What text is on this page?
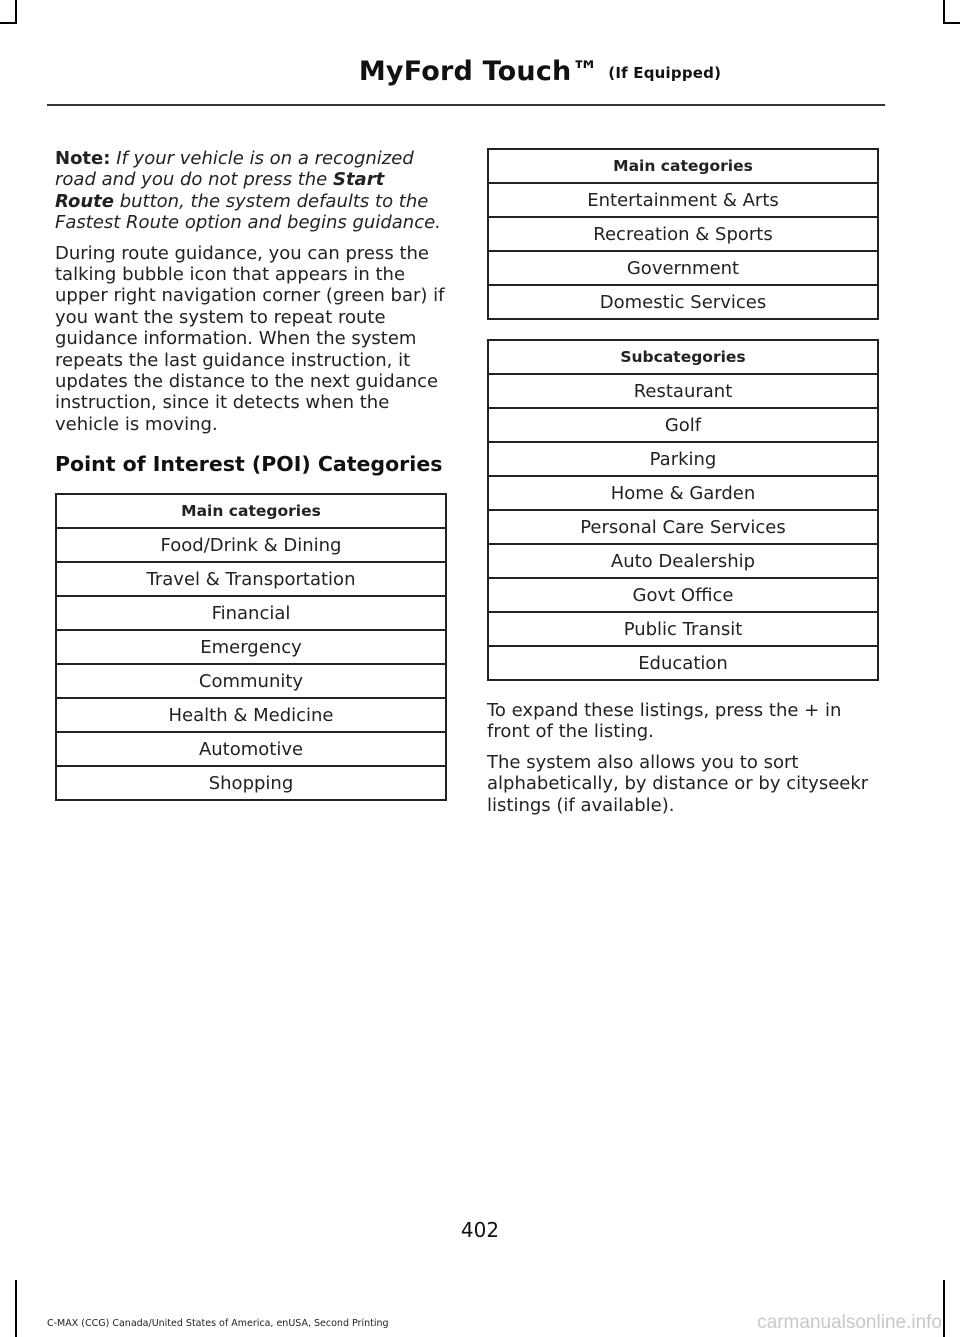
MyFord Touch™ (If Equipped)

Note: If your vehicle is on a recognized road and you do not press the Start Route button, the system defaults to the Fastest Route option and begins guidance.

During route guidance, you can press the talking bubble icon that appears in the upper right navigation corner (green bar) if you want the system to repeat route guidance information. When the system repeats the last guidance instruction, it updates the distance to the next guidance instruction, since it detects when the vehicle is moving.

Point of Interest (POI) Categories
Main categories
Food/Drink & Dining
Travel & Transportation
Financial
Emergency
Community
Health & Medicine
Automotive
Shopping
Main categories
Entertainment & Arts
Recreation & Sports
Government
Domestic Services
Subcategories
Restaurant
Golf
Parking
Home & Garden
Personal Care Services
Auto Dealership
Govt Office
Public Transit
Education

To expand these listings, press the + in front of the listing.

The system also allows you to sort alphabetically, by distance or by cityseekr listings (if available).

402
C-MAX (CCG) Canada/United States of America, enUSA, Second Printing	carmanualsonline.info
